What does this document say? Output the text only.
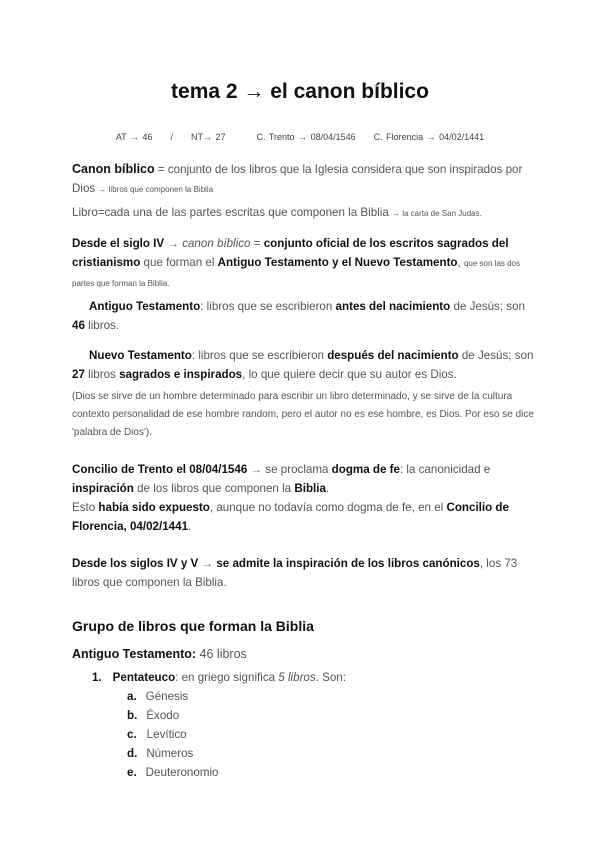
tema 2 → el canon bíblico
AT → 46 / NT→ 27	C. Trento → 08/04/1546 C. Florencia → 04/02/1441
Canon bíblico = conjunto de los libros que la Iglesia considera que son inspirados por Dios → libros que componen la Biblia
Libro=cada una de las partes escritas que componen la Biblia → la carta de San Judas.
Desde el siglo IV → canon bíblico = conjunto oficial de los escritos sagrados del cristianismo que forman el Antiguo Testamento y el Nuevo Testamento, que son las dos partes que forman la Biblia.
Antiguo Testamento: libros que se escribieron antes del nacimiento de Jesús; son 46 libros.
Nuevo Testamento: libros que se escribieron después del nacimiento de Jesús; son 27 libros sagrados e inspirados, lo que quiere decir que su autor es Dios.
(Dios se sirve de un hombre determinado para escribir un libro determinado, y se sirve de la cultura contexto personalidad de ese hombre random, pero el autor no es ese hombre, es Dios. Por eso se dice 'palabra de Dios').
Concilio de Trento el 08/04/1546 → se proclama dogma de fe: la canonicidad e inspiración de los libros que componen la Biblia.
Esto había sido expuesto, aunque no todavía como dogma de fe, en el Concilio de Florencia, 04/02/1441.
Desde los siglos IV y V → se admite la inspiración de los libros canónicos, los 73 libros que componen la Biblia.
Grupo de libros que forman la Biblia
Antiguo Testamento: 46 libros
1. Pentateuco: en griego significa 5 libros. Son:
a. Génesis
b. Éxodo
c. Levítico
d. Números
e. Deuteronomio
